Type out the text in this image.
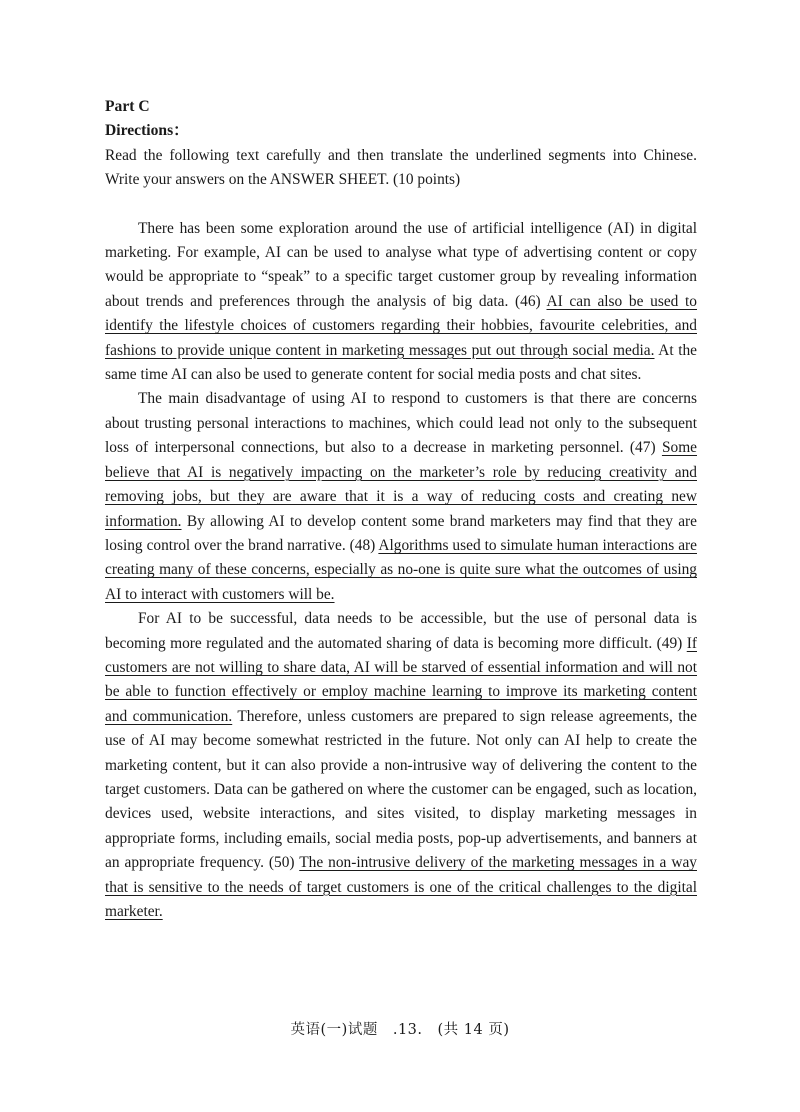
Part C
Directions：

Read the following text carefully and then translate the underlined segments into Chinese. Write your answers on the ANSWER SHEET. (10 points)

There has been some exploration around the use of artificial intelligence (AI) in digital marketing. For example, AI can be used to analyse what type of advertising content or copy would be appropriate to “speak” to a specific target customer group by revealing information about trends and preferences through the analysis of big data. (46) AI can also be used to identify the lifestyle choices of customers regarding their hobbies, favourite celebrities, and fashions to provide unique content in marketing messages put out through social media. At the same time AI can also be used to generate content for social media posts and chat sites.

The main disadvantage of using AI to respond to customers is that there are concerns about trusting personal interactions to machines, which could lead not only to the subsequent loss of interpersonal connections, but also to a decrease in marketing personnel. (47) Some believe that AI is negatively impacting on the marketer’s role by reducing creativity and removing jobs, but they are aware that it is a way of reducing costs and creating new information. By allowing AI to develop content some brand marketers may find that they are losing control over the brand narrative. (48) Algorithms used to simulate human interactions are creating many of these concerns, especially as no-one is quite sure what the outcomes of using AI to interact with customers will be.

For AI to be successful, data needs to be accessible, but the use of personal data is becoming more regulated and the automated sharing of data is becoming more difficult. (49) If customers are not willing to share data, AI will be starved of essential information and will not be able to function effectively or employ machine learning to improve its marketing content and communication. Therefore, unless customers are prepared to sign release agreements, the use of AI may become somewhat restricted in the future. Not only can AI help to create the marketing content, but it can also provide a non-intrusive way of delivering the content to the target customers. Data can be gathered on where the customer can be engaged, such as location, devices used, website interactions, and sites visited, to display marketing messages in appropriate forms, including emails, social media posts, pop-up advertisements, and banners at an appropriate frequency. (50) The non-intrusive delivery of the marketing messages in a way that is sensitive to the needs of target customers is one of the critical challenges to the digital marketer.

英语(一)试题　.13.　(共 14 页)
